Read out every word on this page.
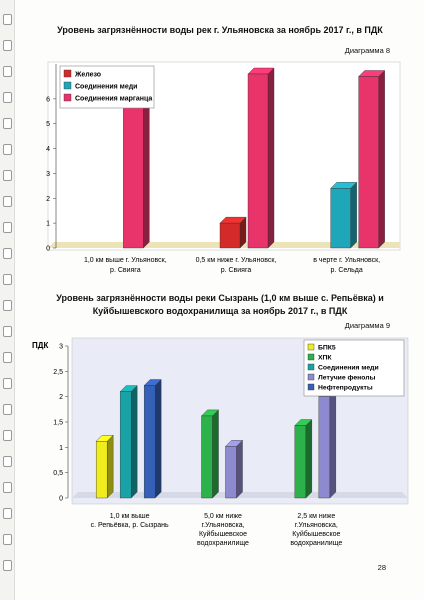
Уровень загрязнённости воды рек г. Ульяновска за ноябрь 2017 г., в ПДК
Диаграмма 8
0
1
2
3
4
5
6
1,0 км выше г. Ульяновск,
р. Свияга
0,5 км ниже г. Ульяновск,
р. Свияга
в черте г. Ульяновск,
р. Сельда
Железо
Соединения меди
Соединения марганца
Уровень загрязнённости воды реки Сызрань (1,0 км выше с. Репьёвка) и Куйбышевского водохранилища за ноябрь 2017 г., в ПДК
Диаграмма 9
ПДК
0
0,5
1
1,5
2
2,5
3
1,0 км выше
с. Репьёвка, р. Сызрань
5,0 км ниже
г.Ульяновска,
Куйбышевское
водохранилище
2,5 км ниже
г.Ульяновска,
Куйбышевское
водохранилище
БПК5
ХПК
Соединения меди
Летучие фенолы
Нефтепродукты
28
